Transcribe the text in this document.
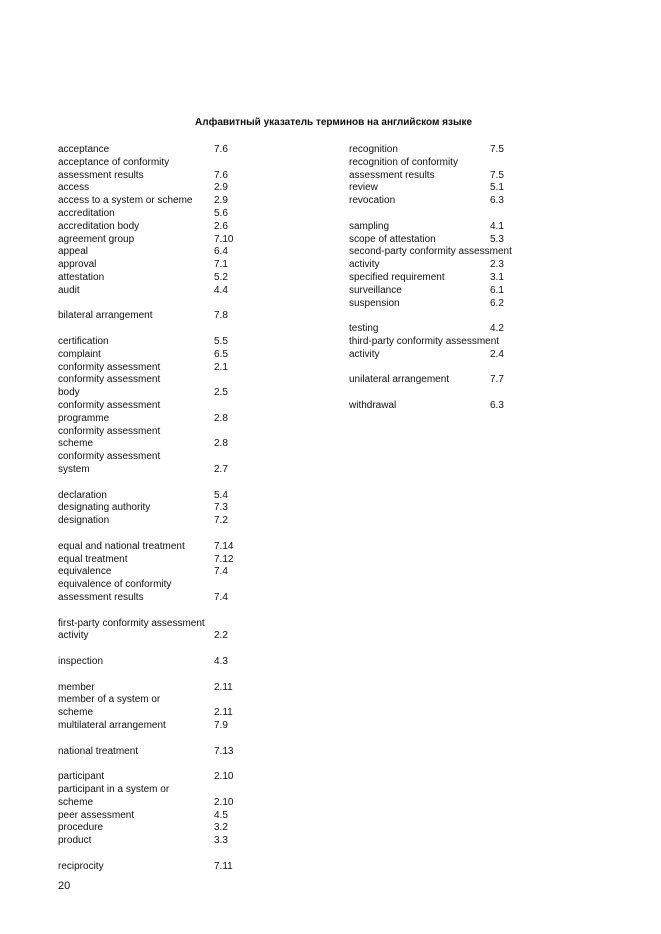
Алфавитный указатель терминов на английском языке
acceptance	7.6
acceptance of conformity
assessment results	7.6
access	2.9
access to a system or scheme 2.9
accreditation	5.6
accreditation body	2.6
agreement group	7.10
appeal	6.4
approval	7.1
attestation	5.2
audit	4.4
bilateral arrangement	7.8
certification	5.5
complaint	6.5
conformity assessment	2.1
conformity assessment
body	2.5
conformity assessment
programme	2.8
conformity assessment
scheme	2.8
conformity assessment
system	2.7
declaration	5.4
designating authority	7.3
designation	7.2
equal and national treatment	7.14
equal treatment	7.12
equivalence	7.4
equivalence of conformity
assessment results	7.4
first-party conformity assessment
activity	2.2
inspection	4.3
member	2.11
member of a system or
scheme	2.11
multilateral arrangement	7.9
national treatment	7.13
participant	2.10
participant in a system or
scheme	2.10
peer assessment	4.5
procedure	3.2
product	3.3
reciprocity	7.11
recognition	7.5
recognition of conformity
assessment results	7.5
review	5.1
revocation	6.3
sampling	4.1
scope of attestation	5.3
second-party conformity assessment
activity	2.3
specified requirement	3.1
surveillance	6.1
suspension	6.2
testing	4.2
third-party conformity assessment
activity	2.4
unilateral arrangement	7.7
withdrawal	6.3
20
